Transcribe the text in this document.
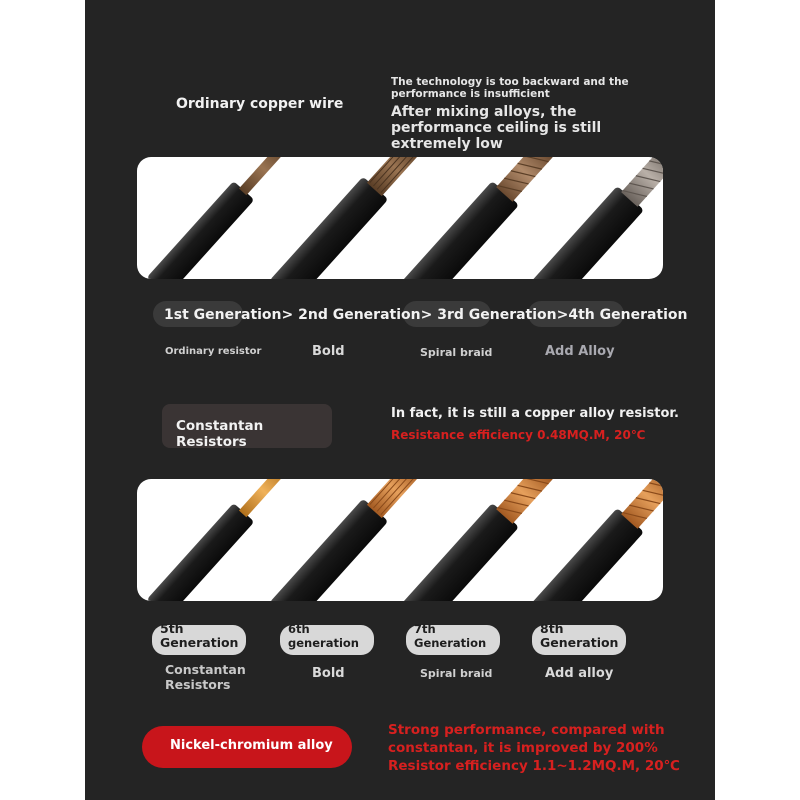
Ordinary copper wire
The technology is too backward and the performance is insufficient
After mixing alloys, the performance ceiling is still extremely low
1st Generation> 2nd Generation> 3rd Generation>4th Generation
Ordinary resistor	Bold	Spiral braid	Add Alloy
Constantan Resistors
In fact, it is still a copper alloy resistor.
Resistance efficiency 0.48MQ.M, 20℃
5th Generation
6th generation
7th Generation
8th Generation
Constantan Resistors
Bold	Spiral braid	Add alloy
Nickel-chromium alloy
Strong performance, compared with
constantan, it is improved by 200%
Resistor efficiency 1.1~1.2MQ.M, 20℃
